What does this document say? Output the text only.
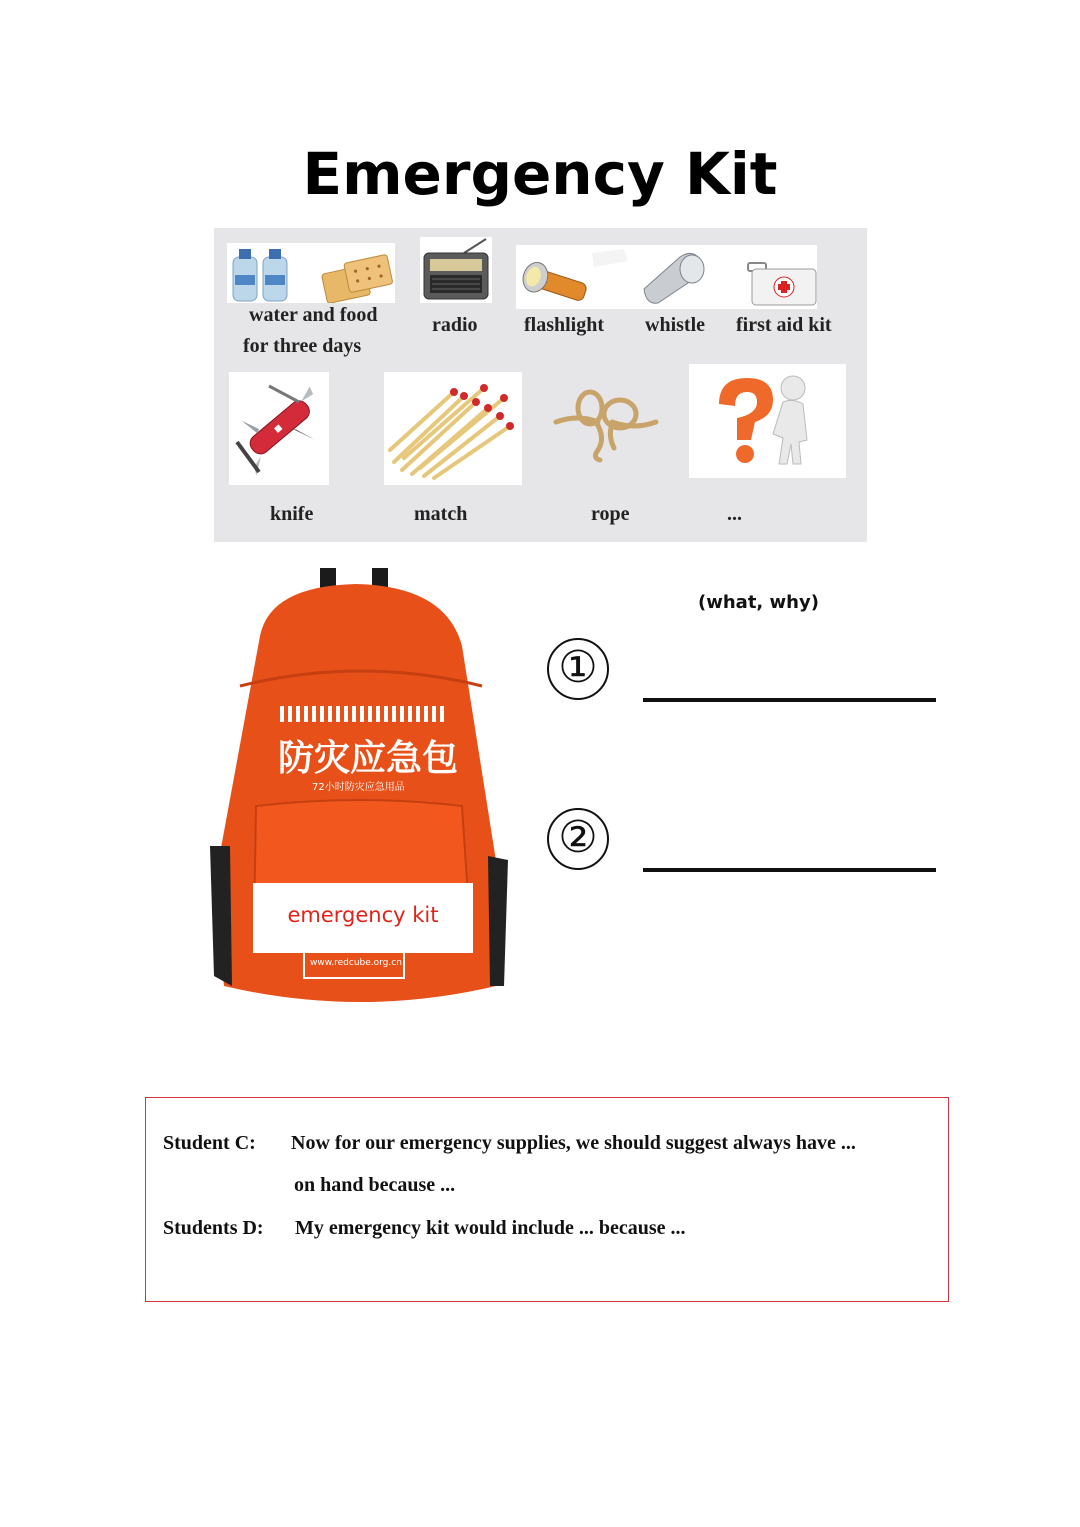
Emergency Kit
water and food
for three days
radio flashlight whistle first aid kit
knife	match	rope	...
防灾应急包
72小时防灾应急用品
www.redcube.org.cn
emergency kit
(what, why)
①
②
Student C: Now for our emergency supplies, we should suggest always have ...
on hand because ...
Students D: My emergency kit would include ... because ...
